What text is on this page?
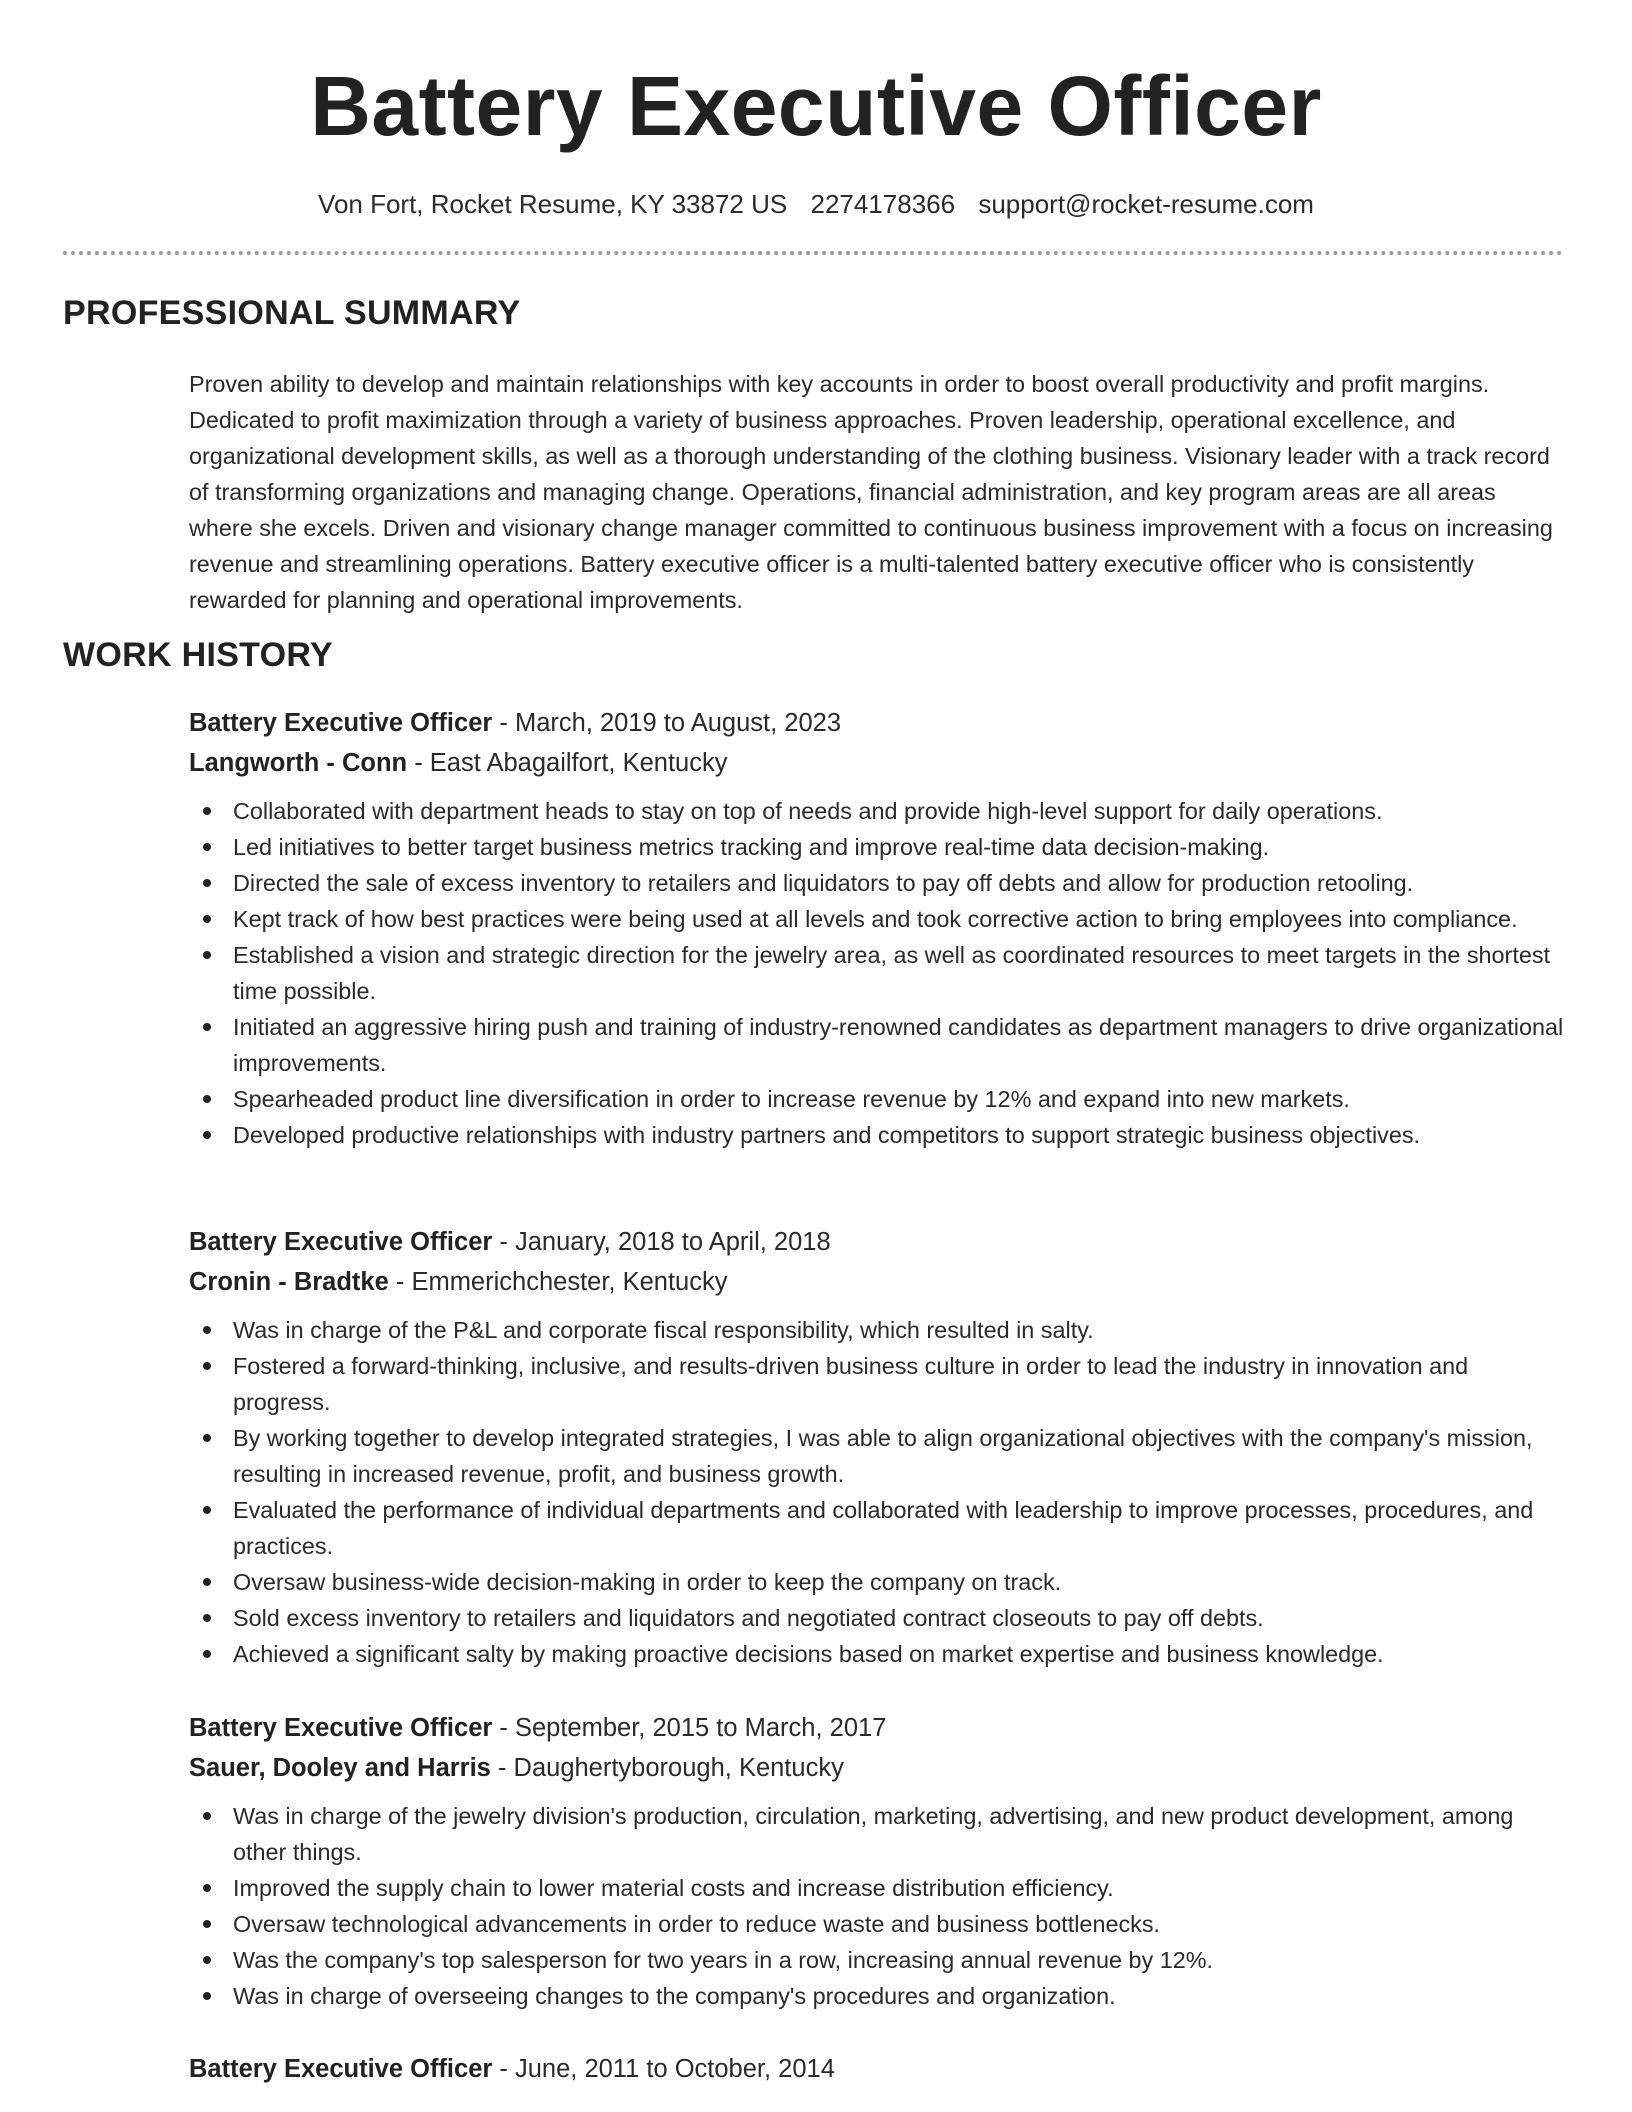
Battery Executive Officer
Von Fort, Rocket Resume, KY 33872 US 2274178366 support@rocket-resume.com
PROFESSIONAL SUMMARY

Proven ability to develop and maintain relationships with key accounts in order to boost overall productivity and profit margins. Dedicated to profit maximization through a variety of business approaches. Proven leadership, operational excellence, and organizational development skills, as well as a thorough understanding of the clothing business. Visionary leader with a track record of transforming organizations and managing change. Operations, financial administration, and key program areas are all areas where she excels. Driven and visionary change manager committed to continuous business improvement with a focus on increasing revenue and streamlining operations. Battery executive officer is a multi-talented battery executive officer who is consistently rewarded for planning and operational improvements.

WORK HISTORY
Battery Executive Officer - March, 2019 to August, 2023
Langworth - Conn - East Abagailfort, Kentucky
Collaborated with department heads to stay on top of needs and provide high-level support for daily operations.
Led initiatives to better target business metrics tracking and improve real-time data decision-making.
Directed the sale of excess inventory to retailers and liquidators to pay off debts and allow for production retooling.
Kept track of how best practices were being used at all levels and took corrective action to bring employees into compliance.
Established a vision and strategic direction for the jewelry area, as well as coordinated resources to meet targets in the shortest time possible.
Initiated an aggressive hiring push and training of industry-renowned candidates as department managers to drive organizational improvements.
Spearheaded product line diversification in order to increase revenue by 12% and expand into new markets.
Developed productive relationships with industry partners and competitors to support strategic business objectives.
Battery Executive Officer - January, 2018 to April, 2018
Cronin - Bradtke - Emmerichchester, Kentucky
Was in charge of the P&L and corporate fiscal responsibility, which resulted in salty.
Fostered a forward-thinking, inclusive, and results-driven business culture in order to lead the industry in innovation and progress.
By working together to develop integrated strategies, I was able to align organizational objectives with the company's mission, resulting in increased revenue, profit, and business growth.
Evaluated the performance of individual departments and collaborated with leadership to improve processes, procedures, and practices.
Oversaw business-wide decision-making in order to keep the company on track.
Sold excess inventory to retailers and liquidators and negotiated contract closeouts to pay off debts.
Achieved a significant salty by making proactive decisions based on market expertise and business knowledge.
Battery Executive Officer - September, 2015 to March, 2017
Sauer, Dooley and Harris - Daughertyborough, Kentucky
Was in charge of the jewelry division's production, circulation, marketing, advertising, and new product development, among other things.
Improved the supply chain to lower material costs and increase distribution efficiency.
Oversaw technological advancements in order to reduce waste and business bottlenecks.
Was the company's top salesperson for two years in a row, increasing annual revenue by 12%.
Was in charge of overseeing changes to the company's procedures and organization.
Battery Executive Officer - June, 2011 to October, 2014
